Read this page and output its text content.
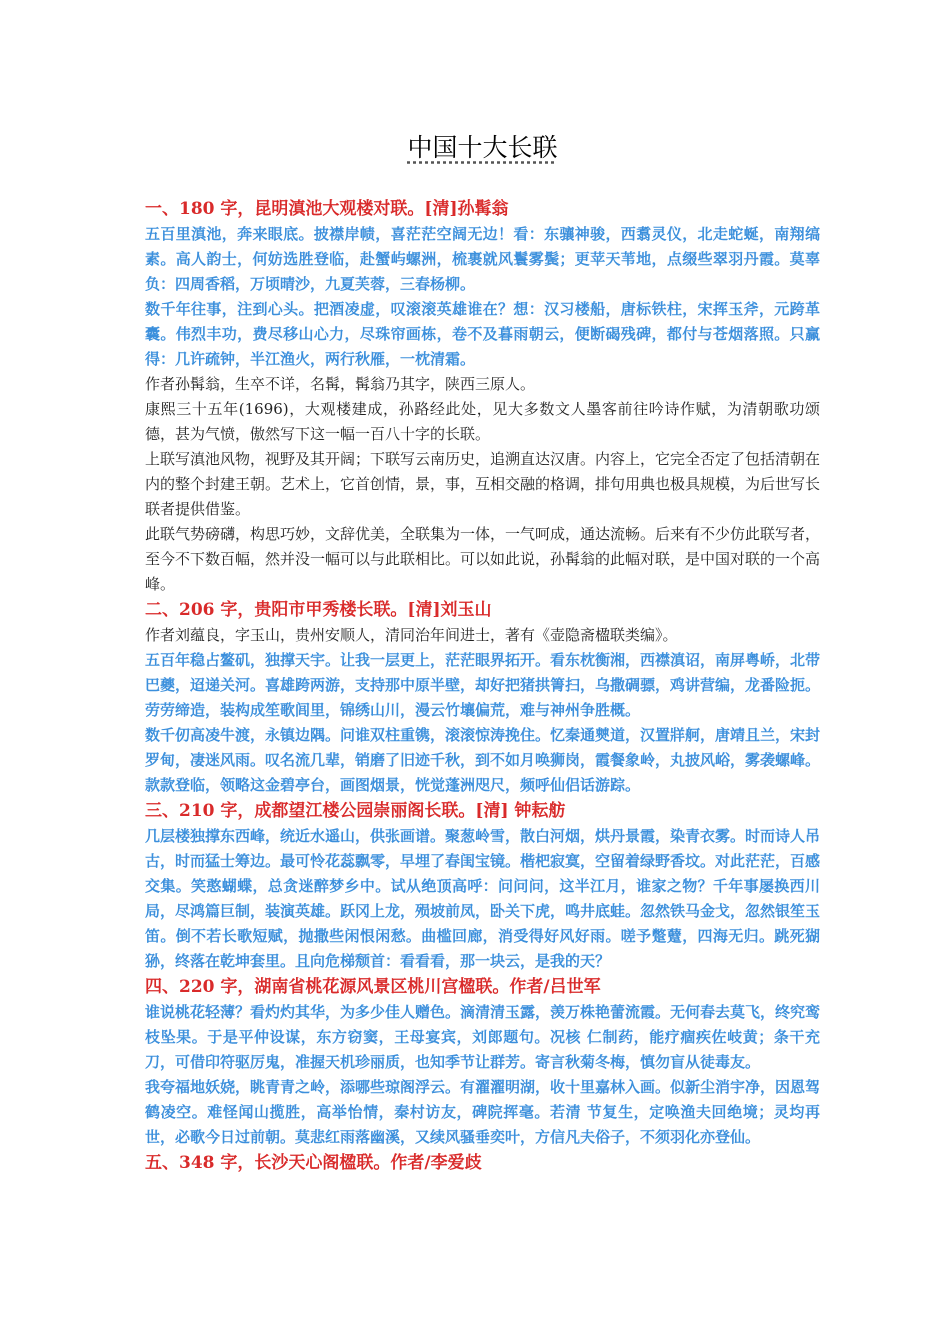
中国十大长联
一、180 字，昆明滇池大观楼对联。[清]孙髯翁
五百里滇池，奔来眼底。披襟岸帻，喜茫茫空阔无边！看：东骧神骏，西翥灵仪，北走蛇蜒，南翔缟素。高人韵士，何妨选胜登临，赴蟹屿螺洲，梳裹就风鬟雾鬓；更苹天苇地，点缀些翠羽丹霞。莫辜负：四周香稻，万顷晴沙，九夏芙蓉，三春杨柳。
数千年往事，注到心头。把酒凌虚，叹滚滚英雄谁在？想：汉习楼船，唐标铁柱，宋挥玉斧，元跨革囊。伟烈丰功，费尽移山心力，尽珠帘画栋，卷不及暮雨朝云，便断碣残碑，都付与苍烟落照。只赢得：几许疏钟，半江渔火，两行秋雁，一枕清霜。
作者孙髯翁，生卒不详，名髯，髯翁乃其字，陕西三原人。
康熙三十五年(1696)，大观楼建成，孙路经此处，见大多数文人墨客前往吟诗作赋，为清朝歌功颂德，甚为气愤，傲然写下这一幅一百八十字的长联。
上联写滇池风物，视野及其开阔；下联写云南历史，追溯直达汉唐。内容上，它完全否定了包括清朝在内的整个封建王朝。艺术上，它首创情，景，事，互相交融的格调，排句用典也极具规模，为后世写长联者提供借鉴。
此联气势磅礴，构思巧妙，文辞优美，全联集为一体，一气呵成，通达流畅。后来有不少仿此联写者，至今不下数百幅，然并没一幅可以与此联相比。可以如此说，孙髯翁的此幅对联，是中国对联的一个高峰。
二、206 字，贵阳市甲秀楼长联。[清]刘玉山
作者刘蕴良，字玉山，贵州安顺人，清同治年间进士，著有《壶隐斋楹联类编》。
五百年稳占鳌矶，独撑天宇。让我一层更上，茫茫眼界拓开。看东枕衡湘，西襟滇诏，南屏粤峤，北带巴夔，迢递关河。喜雄跨两游，支持那中原半壁，却好把猪拱箐扫，乌撒碉骠，鸡讲营编，龙番险扼。劳劳缔造，装构成笙歌闾里，锦绣山川，漫云竹壤偏荒，难与神州争胜概。
数千仞高凌牛渡，永镇边隅。问谁双柱重镌，滚滚惊涛挽住。忆秦通僰道，汉置牂舸，唐靖且兰，宋封罗甸，凄迷风雨。叹名流几辈，销磨了旧迹千秋，到不如月唤狮岗，霞餐象岭，丸披风峪，雾袭螺峰。款款登临，领略这金碧亭台，画图烟景，恍觉蓬洲咫尺，频呼仙侣话游踪。
三、210 字，成都望江楼公园崇丽阁长联。[清] 钟耘舫
几层楼独撑东西峰，统近水遥山，供张画谱。聚葱岭雪，散白河烟，烘丹景霞，染青衣雾。时而诗人吊古，时而猛士筹边。最可怜花蕊飘零，早埋了春闺宝镜。楷杷寂寞，空留着绿野香坟。对此茫茫，百感交集。笑憨蝴蝶，总贪迷醉梦乡中。试从绝顶高呼：问问问，这半江月，谁家之物？千年事屡换西川局，尽鸿篇巨制，装演英雄。跃冈上龙，殒坡前凤，卧关下虎，鸣井底蛙。忽然铁马金戈，忽然银笙玉笛。倒不若长歌短赋，抛撒些闲恨闲愁。曲槛回廊，消受得好风好雨。嗟予蹩躠，四海无归。跳死猢狲，终落在乾坤套里。且向危梯颓首：看看看，那一块云，是我的天？
四、220 字，湖南省桃花源风景区桃川宫楹联。作者/吕世军
谁说桃花轻薄？看灼灼其华，为多少佳人赠色。滴清清玉露，羡万株艳蕾流霞。无何春去莫飞，终究鸾枝坠果。于是平仲设谋，东方窃窦，王母宴宾，刘郎题句。况核 仁制药，能疗痼疾佐岐黄；条干充刀，可借印符驱厉鬼，准握天机珍丽质，也知季节让群芳。寄言秋菊冬梅，慎勿盲从徒毒友。
我夸福地妖娆，眺青青之岭，添哪些琼阁浮云。有濯濯明湖，收十里嘉林入画。似新尘消宇净，因恩驾鹤凌空。难怪闻山揽胜，高举怡情，秦村访友，碑院挥毫。若清 节复生，定唤渔夫回绝境；灵均再世，必歌今日过前朝。莫悲红雨落幽溪，又续风骚垂奕叶，方信凡夫俗子，不须羽化亦登仙。
五、348 字，长沙天心阁楹联。作者/李爱歧
